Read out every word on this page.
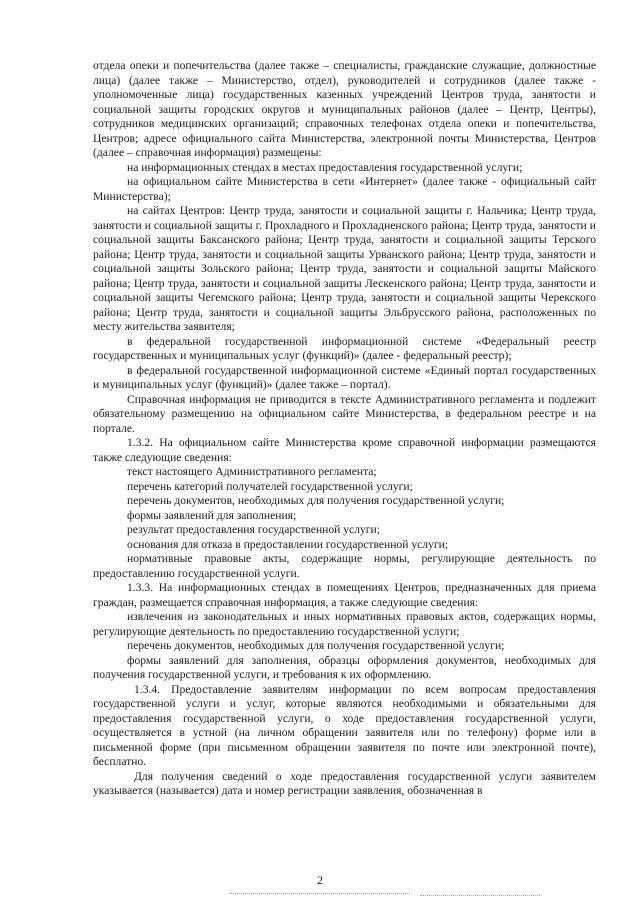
отдела опеки и попечительства (далее также – специалисты, гражданские служащие, должностные лица) (далее также – Министерство, отдел), руководителей и сотрудников (далее также - уполномоченные лица) государственных казенных учреждений Центров труда, занятости и социальной защиты городских округов и муниципальных районов (далее – Центр, Центры), сотрудников медицинских организаций; справочных телефонах отдела опеки и попечительства, Центров; адресе официального сайта Министерства, электронной почты Министерства, Центров (далее – справочная информация) размещены:

на информационных стендах в местах предоставления государственной услуги;

на официальном сайте Министерства в сети «Интернет» (далее также - официальный сайт Министерства);

на сайтах Центров: Центр труда, занятости и социальной защиты г. Нальчика; Центр труда, занятости и социальной защиты г. Прохладного и Прохладненского района; Центр труда, занятости и социальной защиты Баксанского района; Центр труда, занятости и социальной защиты Терского района; Центр труда, занятости и социальной защиты Урванского района; Центр труда, занятости и социальной защиты Зольского района; Центр труда, занятости и социальной защиты Майского района; Центр труда, занятости и социальной защиты Лескенского района; Центр труда, занятости и социальной защиты Чегемского района; Центр труда, занятости и социальной защиты Черекского района; Центр труда, занятости и социальной защиты Эльбрусского района, расположенных по месту жительства заявителя;

в федеральной государственной информационной системе «Федеральный реестр государственных и муниципальных услуг (функций)» (далее - федеральный реестр);

в федеральной государственной информационной системе «Единый портал государственных и муниципальных услуг (функций)» (далее также – портал).

Справочная информация не приводится в тексте Административного регламента и подлежит обязательному размещению на официальном сайте Министерства, в федеральном реестре и на портале.

1.3.2. На официальном сайте Министерства кроме справочной информации размещаются также следующие сведения:

текст настоящего Административного регламента;

перечень категорий получателей государственной услуги;

перечень документов, необходимых для получения государственной услуги;

формы заявлений для заполнения;

результат предоставления государственной услуги;

основания для отказа в предоставлении государственной услуги;

нормативные правовые акты, содержащие нормы, регулирующие деятельность по предоставлению государственной услуги.

1.3.3. На информационных стендах в помещениях Центров, предназначенных для приема граждан, размещается справочная информация, а также следующие сведения:

извлечения из законодательных и иных нормативных правовых актов, содержащих нормы, регулирующие деятельность по предоставлению государственной услуги;

перечень документов, необходимых для получения государственной услуги;

формы заявлений для заполнения, образцы оформления документов, необходимых для получения государственной услуги, и требования к их оформлению.

1.3.4. Предоставление заявителям информации по всем вопросам предоставления государственной услуги и услуг, которые являются необходимыми и обязательными для предоставления государственной услуги, о ходе предоставления государственной услуги, осуществляется в устной (на личном обращении заявителя или по телефону) форме или в письменной форме (при письменном обращении заявителя по почте или электронной почте), бесплатно.

Для получения сведений о ходе предоставления государственной услуги заявителем указывается (называется) дата и номер регистрации заявления, обозначенная в

2
